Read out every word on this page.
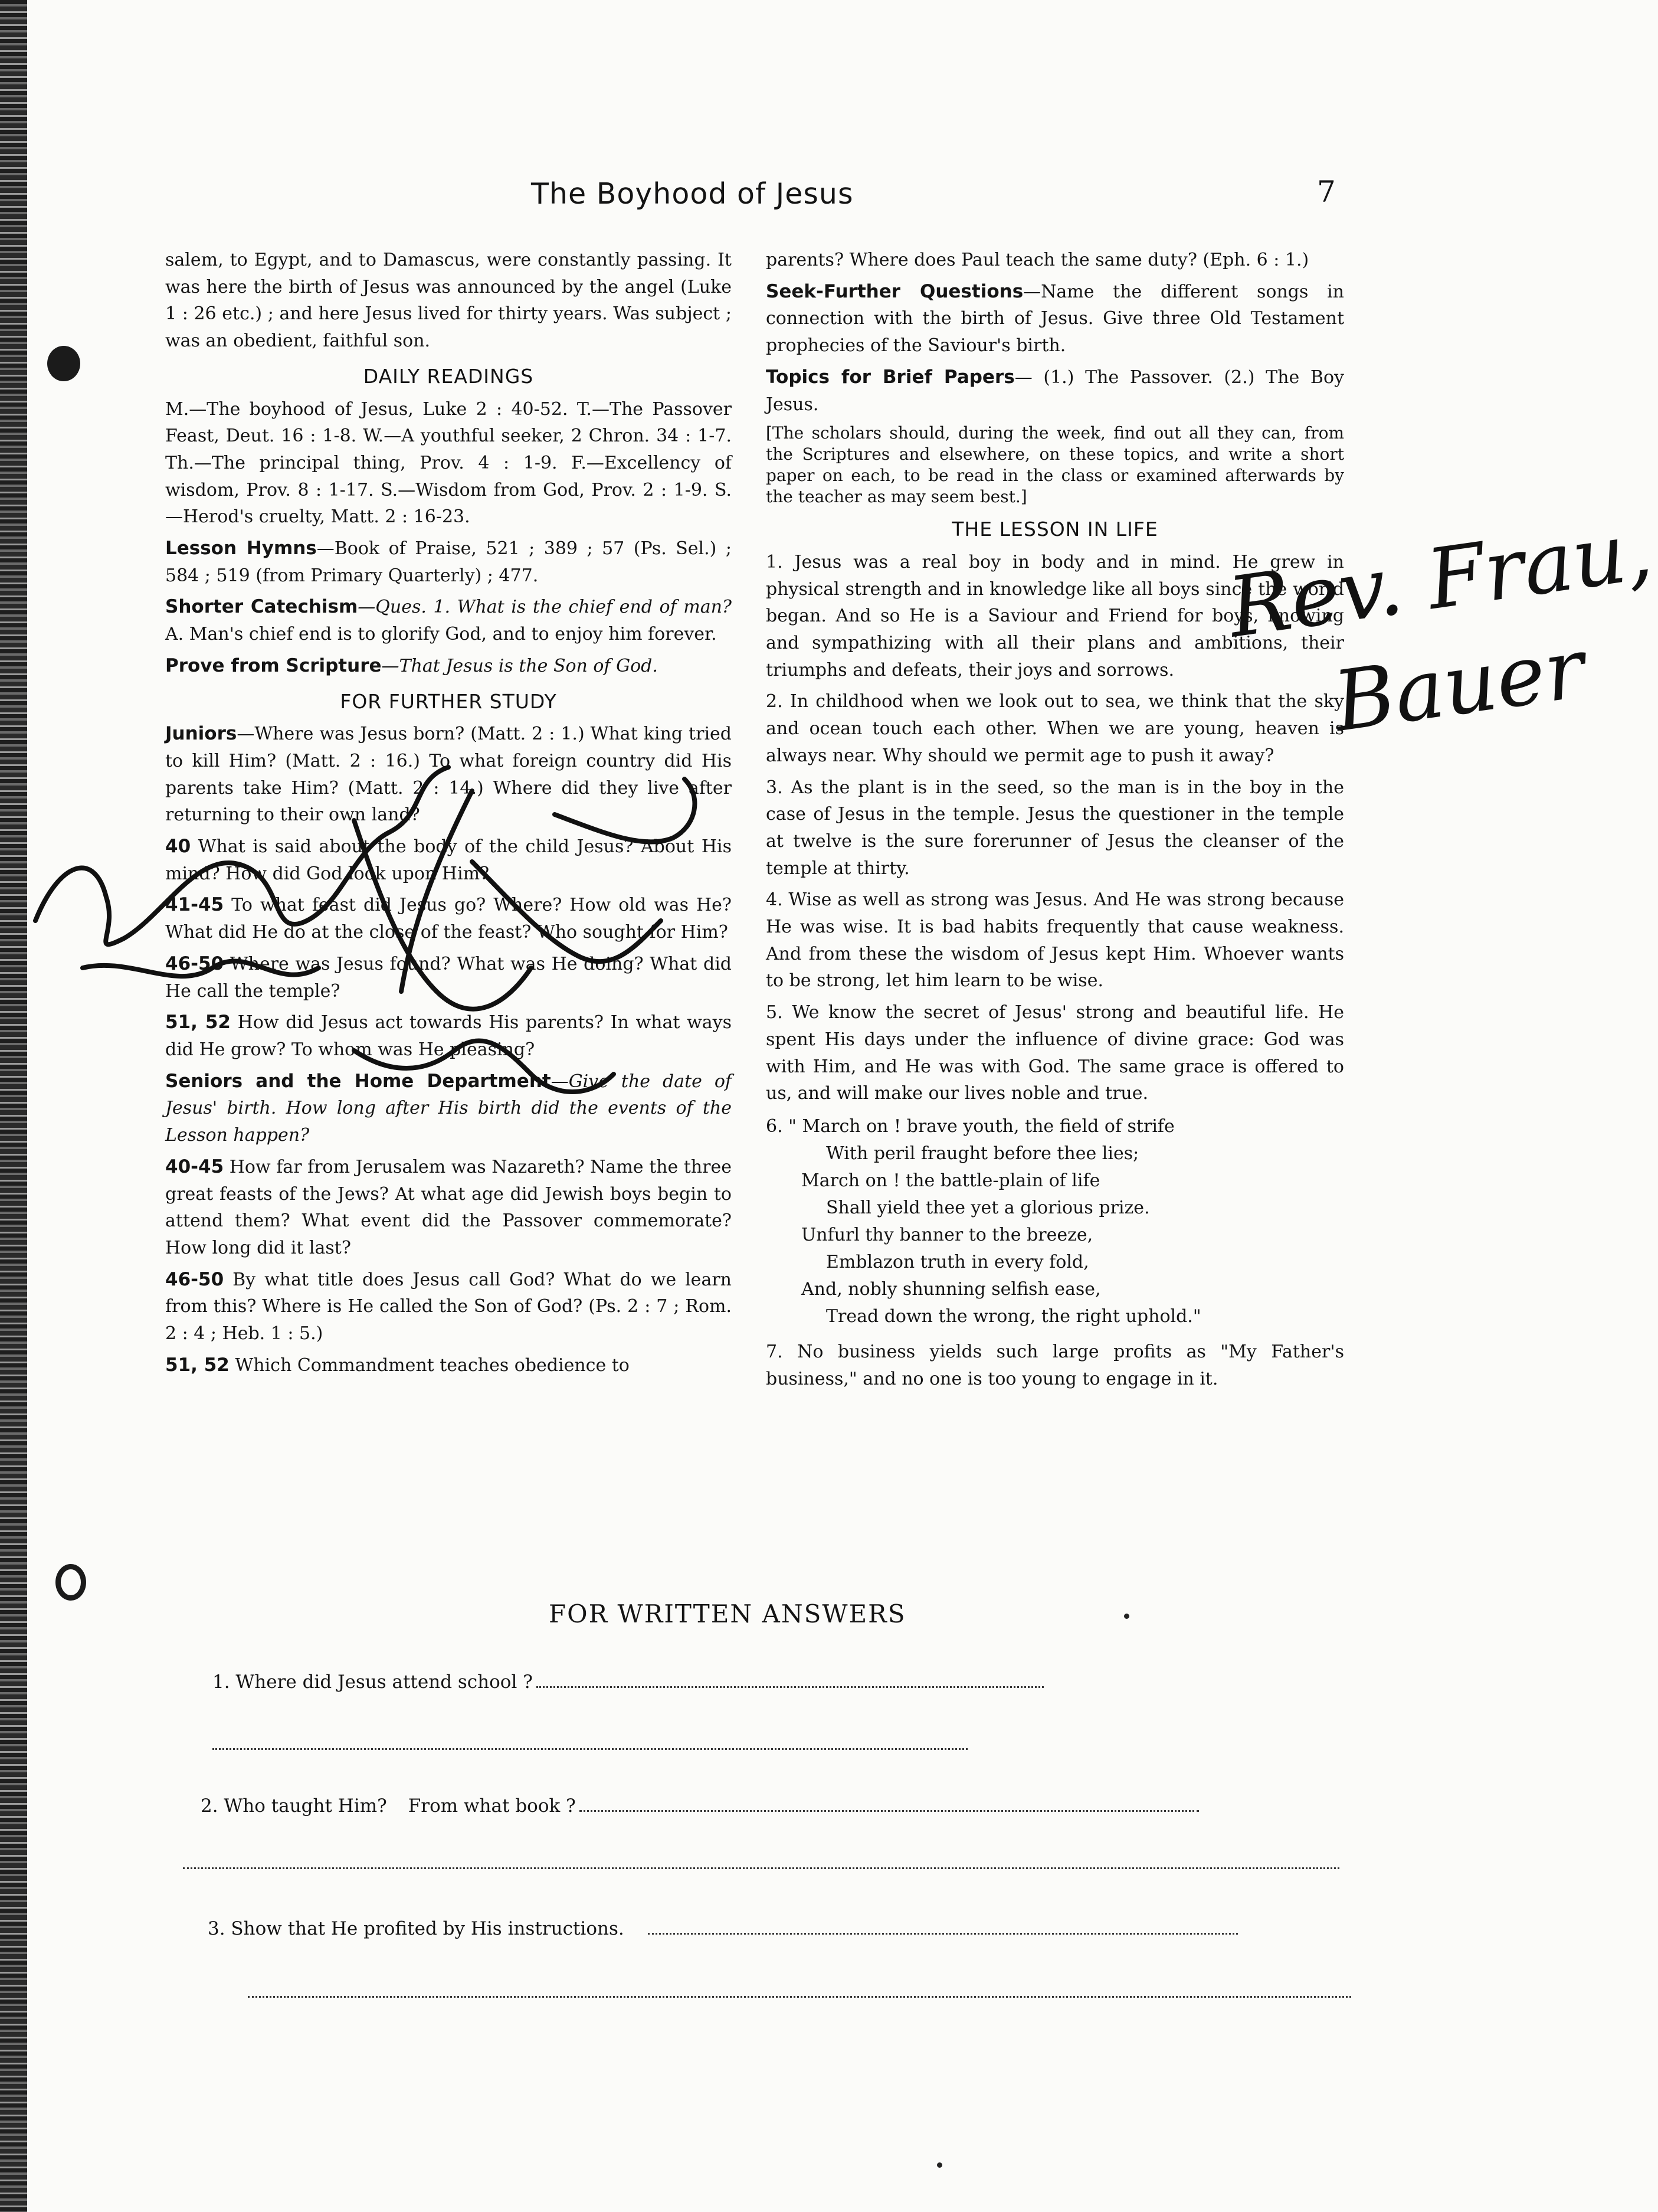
The Boyhood of Jesus	7

salem, to Egypt, and to Damascus, were constantly passing. It was here the birth of Jesus was announced by the angel (Luke 1 : 26 etc.) ; and here Jesus lived for thirty years. Was subject ; was an obedient, faithful son.

DAILY READINGS

M.—The boyhood of Jesus, Luke 2 : 40-52. T.—The Passover Feast, Deut. 16 : 1-8. W.—A youthful seeker, 2 Chron. 34 : 1-7. Th.—The principal thing, Prov. 4 : 1-9. F.—Excellency of wisdom, Prov. 8 : 1-17. S.—Wisdom from God, Prov. 2 : 1-9. S.—Herod's cruelty, Matt. 2 : 16-23.

Lesson Hymns—Book of Praise, 521 ; 389 ; 57 (Ps. Sel.) ; 584 ; 519 (from Primary Quarterly) ; 477.

Shorter Catechism—Ques. 1. What is the chief end of man? A. Man's chief end is to glorify God, and to enjoy him forever.

Prove from Scripture—That Jesus is the Son of God.

FOR FURTHER STUDY

Juniors—Where was Jesus born? (Matt. 2 : 1.) What king tried to kill Him? (Matt. 2 : 16.) To what foreign country did His parents take Him? (Matt. 2 : 14.) Where did they live after returning to their own land?

40 What is said about the body of the child Jesus? About His mind? How did God look upon Him?

41-45 To what feast did Jesus go? Where? How old was He? What did He do at the close of the feast? Who sought for Him?

46-50 Where was Jesus found? What was He doing? What did He call the temple?

51, 52 How did Jesus act towards His parents? In what ways did He grow? To whom was He pleasing?

Seniors and the Home Department—Give the date of Jesus' birth. How long after His birth did the events of the Lesson happen?

40-45 How far from Jerusalem was Nazareth? Name the three great feasts of the Jews? At what age did Jewish boys begin to attend them? What event did the Passover commemorate? How long did it last?

46-50 By what title does Jesus call God? What do we learn from this? Where is He called the Son of God? (Ps. 2 : 7 ; Rom. 2 : 4 ; Heb. 1 : 5.)

51, 52 Which Commandment teaches obedience to

parents? Where does Paul teach the same duty? (Eph. 6 : 1.)

Seek-Further Questions—Name the different songs in connection with the birth of Jesus. Give three Old Testament prophecies of the Saviour's birth.

Topics for Brief Papers— (1.) The Passover. (2.) The Boy Jesus.

[The scholars should, during the week, find out all they can, from the Scriptures and elsewhere, on these topics, and write a short paper on each, to be read in the class or examined afterwards by the teacher as may seem best.]

THE LESSON IN LIFE

1. Jesus was a real boy in body and in mind. He grew in physical strength and in knowledge like all boys since the world began. And so He is a Saviour and Friend for boys, knowing and sympathizing with all their plans and ambitions, their triumphs and defeats, their joys and sorrows.

2. In childhood when we look out to sea, we think that the sky and ocean touch each other. When we are young, heaven is always near. Why should we permit age to push it away?

3. As the plant is in the seed, so the man is in the boy in the case of Jesus in the temple. Jesus the questioner in the temple at twelve is the sure forerunner of Jesus the cleanser of the temple at thirty.

4. Wise as well as strong was Jesus. And He was strong because He was wise. It is bad habits frequently that cause weakness. And from these the wisdom of Jesus kept Him. Whoever wants to be strong, let him learn to be wise.

5. We know the secret of Jesus' strong and beautiful life. He spent His days under the influence of divine grace: God was with Him, and He was with God. The same grace is offered to us, and will make our lives noble and true.

6. " March on ! brave youth, the field of strife
With peril fraught before thee lies;
March on ! the battle-plain of life
Shall yield thee yet a glorious prize.
Unfurl thy banner to the breeze,
Emblazon truth in every fold,
And, nobly shunning selfish ease,
Tread down the wrong, the right uphold."

7. No business yields such large profits as "My Father's business," and no one is too young to engage in it.

FOR WRITTEN ANSWERS
1. Where did Jesus attend school ?
2. Who taught Him? From what book ?
3. Show that He profited by His instructions.
Rev. Frau,
Bauer
